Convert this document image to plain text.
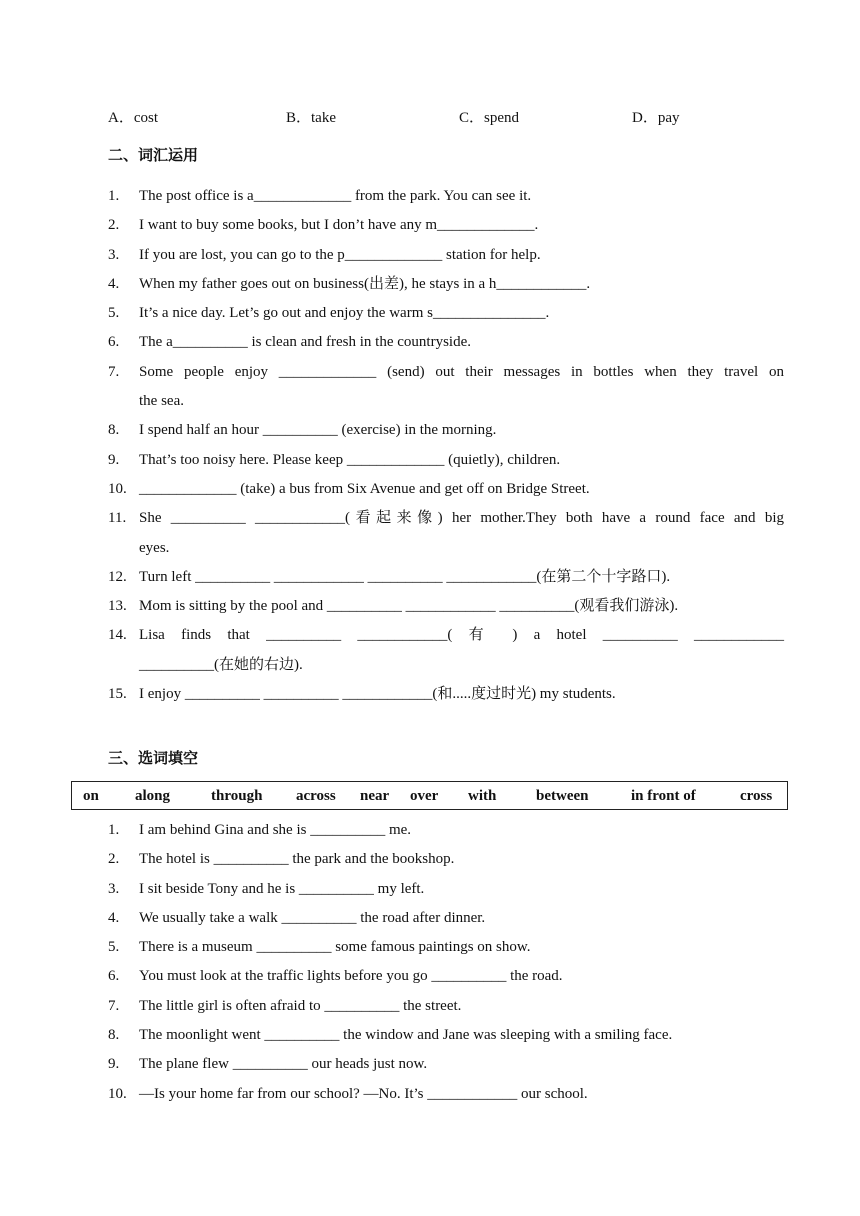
A．cost	B．take	C．spend	D．pay
二、词汇运用
1. The post office is a_____________ from the park. You can see it.
2. I want to buy some books, but I don’t have any m_____________.
3. If you are lost, you can go to the p_____________ station for help.
4. When my father goes out on business(出差), he stays in a h____________.
5. It’s a nice day. Let’s go out and enjoy the warm s_______________.
6. The a__________ is clean and fresh in the countryside.
7. Some people enjoy _____________ (send) out their messages in bottles when they travel on
the sea.
8. I spend half an hour __________ (exercise) in the morning.
9. That’s too noisy here. Please keep _____________ (quietly), children.
10. _____________ (take) a bus from Six Avenue and get off on Bridge Street.
11. She __________ ____________(看起来像) her mother.They both have a round face and big
eyes.
12. Turn left __________ ____________ __________ ____________(在第二个十字路口).
13. Mom is sitting by the pool and __________ ____________ __________(观看我们游泳).
14. Lisa finds that __________ ____________( 有 ) a hotel __________ ____________
__________(在她的右边).
15. I enjoy __________ __________ ____________(和.....度过时光) my students.
三、选词填空
on along	through across near over with	between	in front of	cross
1. I am behind Gina and she is __________ me.
2. The hotel is __________ the park and the bookshop.
3. I sit beside Tony and he is __________ my left.
4. We usually take a walk __________ the road after dinner.
5. There is a museum __________ some famous paintings on show.
6. You must look at the traffic lights before you go __________ the road.
7. The little girl is often afraid to __________ the street.
8. The moonlight went __________ the window and Jane was sleeping with a smiling face.
9. The plane flew __________ our heads just now.
10. —Is your home far from our school? —No. It’s ____________ our school.
